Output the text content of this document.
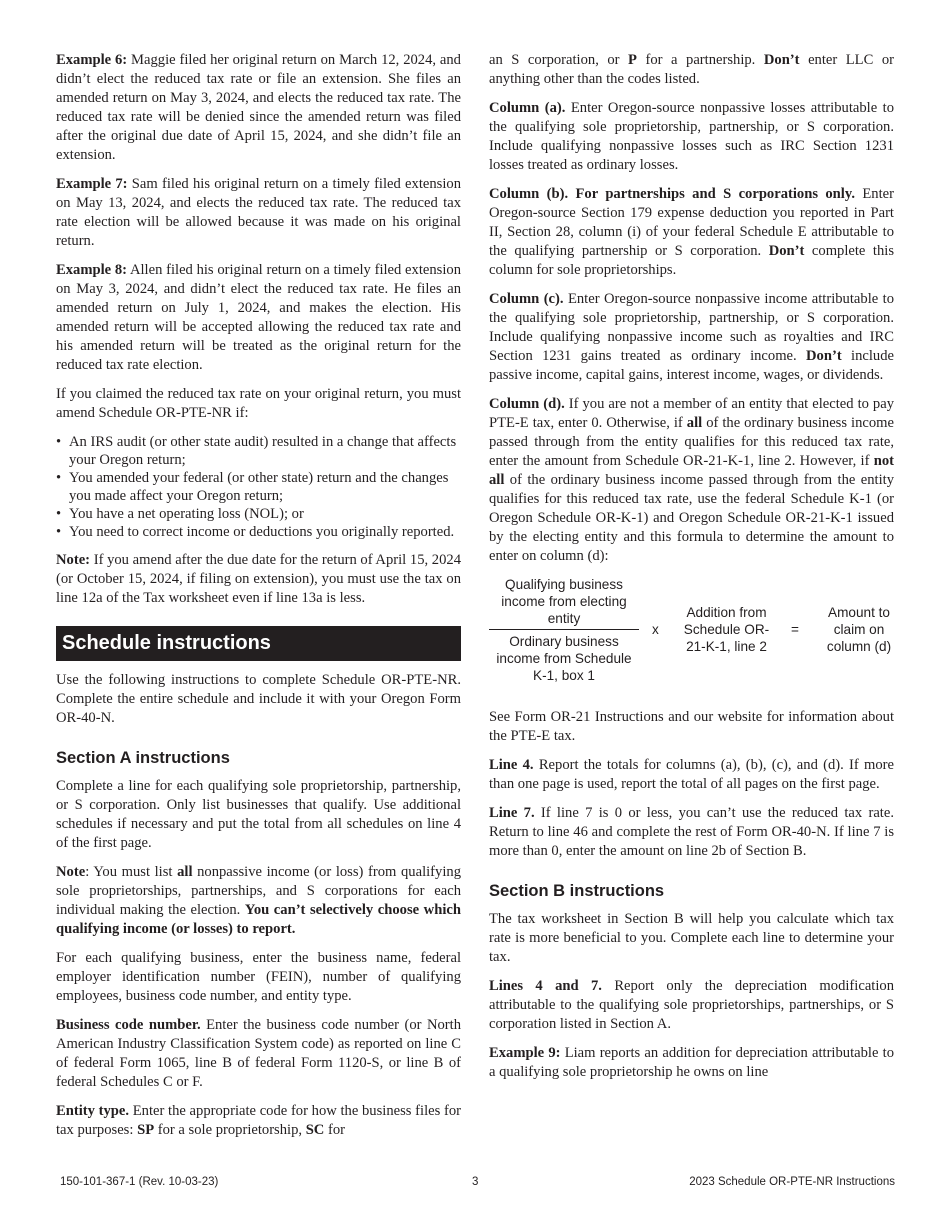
Example 6: Maggie filed her original return on March 12, 2024, and didn’t elect the reduced tax rate or file an extension. She files an amended return on May 3, 2024, and elects the reduced tax rate. The reduced tax rate will be denied since the amended return was filed after the original due date of April 15, 2024, and she didn’t file an extension.

Example 7: Sam filed his original return on a timely filed extension on May 13, 2024, and elects the reduced tax rate. The reduced tax rate election will be allowed because it was made on his original return.

Example 8: Allen filed his original return on a timely filed extension on May 3, 2024, and didn’t elect the reduced tax rate. He files an amended return on July 1, 2024, and makes the election. His amended return will be accepted allowing the reduced tax rate and his amended return will be treated as the original return for the reduced tax rate election.

If you claimed the reduced tax rate on your original return, you must amend Schedule OR-PTE-NR if:

• An IRS audit (or other state audit) resulted in a change that affects your Oregon return;
• You amended your federal (or other state) return and the changes you made affect your Oregon return;
• You have a net operating loss (NOL); or
• You need to correct income or deductions you originally reported.

Note: If you amend after the due date for the return of April 15, 2024 (or October 15, 2024, if filing on extension), you must use the tax on line 12a of the Tax worksheet even if line 13a is less.

Schedule instructions

Use the following instructions to complete Schedule OR-PTE-NR. Complete the entire schedule and include it with your Oregon Form OR-40-N.

Section A instructions

Complete a line for each qualifying sole proprietorship, partnership, or S corporation. Only list businesses that qualify. Use additional schedules if necessary and put the total from all schedules on line 4 of the first page.

Note: You must list all nonpassive income (or loss) from qualifying sole proprietorships, partnerships, and S corporations for each individual making the election. You can’t selectively choose which qualifying income (or losses) to report.

For each qualifying business, enter the business name, federal employer identification number (FEIN), number of qualifying employees, business code number, and entity type.

Business code number. Enter the business code number (or North American Industry Classification System code) as reported on line C of federal Form 1065, line B of federal Form 1120-S, or line B of federal Schedules C or F.

Entity type. Enter the appropriate code for how the business files for tax purposes: SP for a sole proprietorship, SC for

an S corporation, or P for a partnership. Don’t enter LLC or anything other than the codes listed.

Column (a). Enter Oregon-source nonpassive losses attributable to the qualifying sole proprietorship, partnership, or S corporation. Include qualifying nonpassive losses such as IRC Section 1231 losses treated as ordinary losses.

Column (b). For partnerships and S corporations only. Enter Oregon-source Section 179 expense deduction you reported in Part II, Section 28, column (i) of your federal Schedule E attributable to the qualifying partnership or S corporation. Don’t complete this column for sole proprietorships.

Column (c). Enter Oregon-source nonpassive income attributable to the qualifying sole proprietorship, partnership, or S corporation. Include qualifying nonpassive income such as royalties and IRC Section 1231 gains treated as ordinary income. Don’t include passive income, capital gains, interest income, wages, or dividends.

Column (d). If you are not a member of an entity that elected to pay PTE-E tax, enter 0. Otherwise, if all of the ordinary business income passed through from the entity qualifies for this reduced tax rate, enter the amount from Schedule OR-21-K-1, line 2. However, if not all of the ordinary business income passed through from the entity qualifies for this reduced tax rate, use the federal Schedule K-1 (or Oregon Schedule OR-K-1) and Oregon Schedule OR-21-K-1 issued by the electing entity and this formula to determine the amount to enter on column (d):

Qualifying business income from electing entity
Ordinary business income from Schedule K-1, box 1
x
Addition from Schedule OR-21-K-1, line 2
=
Amount to claim on column (d)

See Form OR-21 Instructions and our website for information about the PTE-E tax.

Line 4. Report the totals for columns (a), (b), (c), and (d). If more than one page is used, report the total of all pages on the first page.

Line 7. If line 7 is 0 or less, you can’t use the reduced tax rate. Return to line 46 and complete the rest of Form OR-40-N. If line 7 is more than 0, enter the amount on line 2b of Section B.

Section B instructions

The tax worksheet in Section B will help you calculate which tax rate is more beneficial to you. Complete each line to determine your tax.

Lines 4 and 7. Report only the depreciation modification attributable to the qualifying sole proprietorships, partnerships, or S corporation listed in Section A.

Example 9: Liam reports an addition for depreciation attributable to a qualifying sole proprietorship he owns on line

150-101-367-1 (Rev. 10-03-23)	3	2023 Schedule OR-PTE-NR Instructions
